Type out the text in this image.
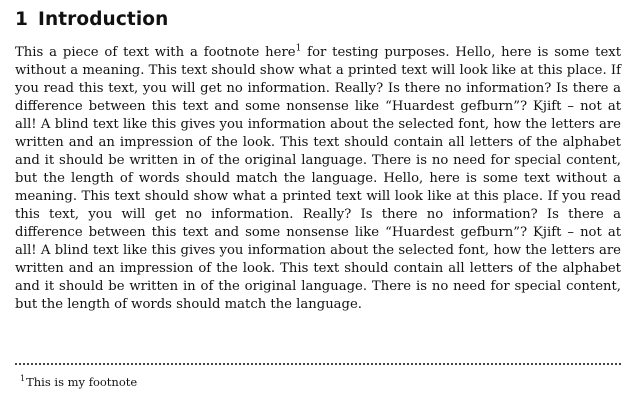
1 Introduction

This a piece of text with a footnote here$^1$ for testing purposes. Hello, here is some text without a meaning. This text should show what a printed text will look like at this place. If you read this text, you will get no information. Really? Is there no information? Is there a difference between this text and some nonsense like “Huardest gefburn”? Kjift – not at all! A blind text like this gives you information about the selected font, how the letters are written and an impression of the look. This text should contain all letters of the alphabet and it should be written in of the original language. There is no need for special content, but the length of words should match the language. Hello, here is some text without a meaning. This text should show what a printed text will look like at this place. If you read this text, you will get no information. Really? Is there no information? Is there a difference between this text and some nonsense like “Huardest gefburn”? Kjift – not at all! A blind text like this gives you information about the selected font, how the letters are written and an impression of the look. This text should contain all letters of the alphabet and it should be written in of the original language. There is no need for special content, but the length of words should match the language.

$^1$This is my footnote
